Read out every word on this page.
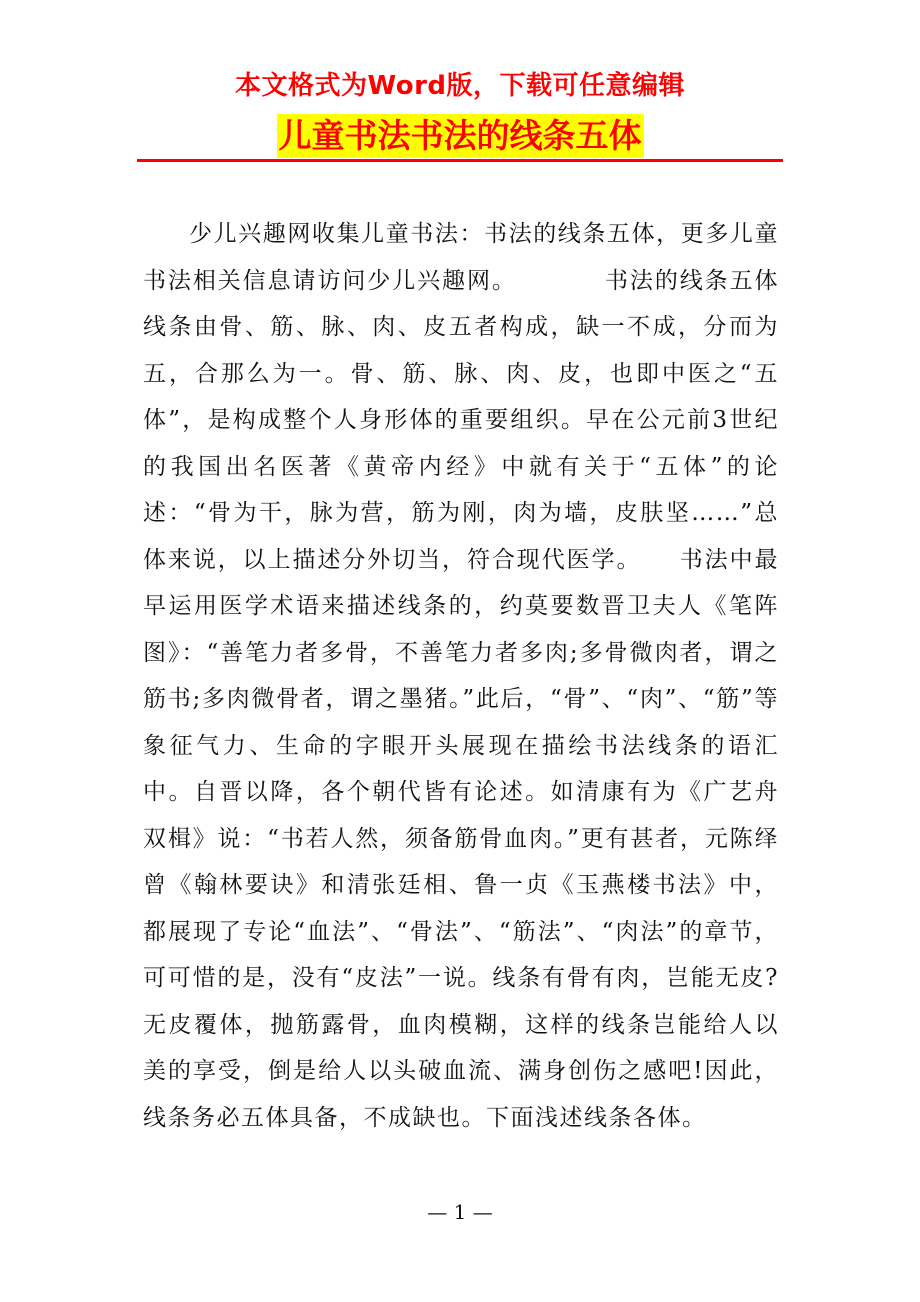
本文格式为Word版，下载可任意编辑
儿童书法书法的线条五体

少儿兴趣网收集儿童书法：书法的线条五体，更多儿童书法相关信息请访问少儿兴趣网。　　　　书法的线条五体线条由骨、筋、脉、肉、皮五者构成，缺一不成，分而为五，合那么为一。骨、筋、脉、肉、皮，也即中医之“五体”，是构成整个人身形体的重要组织。早在公元前3世纪的我国出名医著《黄帝内经》中就有关于“五体”的论述：“骨为干，脉为营，筋为刚，肉为墙，皮肤坚……”总体来说，以上描述分外切当，符合现代医学。　　书法中最早运用医学术语来描述线条的，约莫要数晋卫夫人《笔阵图》：“善笔力者多骨，不善笔力者多肉;多骨微肉者，谓之筋书;多肉微骨者，谓之墨猪。”此后，“骨”、“肉”、“筋”等象征气力、生命的字眼开头展现在描绘书法线条的语汇中。自晋以降，各个朝代皆有论述。如清康有为《广艺舟双楫》说：“书若人然，须备筋骨血肉。”更有甚者，元陈绎曾《翰林要诀》和清张廷相、鲁一贞《玉燕楼书法》中，都展现了专论“血法”、“骨法”、“筋法”、“肉法”的章节，可可惜的是，没有“皮法”一说。线条有骨有肉，岂能无皮?无皮覆体，抛筋露骨，血肉模糊，这样的线条岂能给人以美的享受，倒是给人以头破血流、满身创伤之感吧!因此，线条务必五体具备，不成缺也。下面浅述线条各体。

— 1 —
